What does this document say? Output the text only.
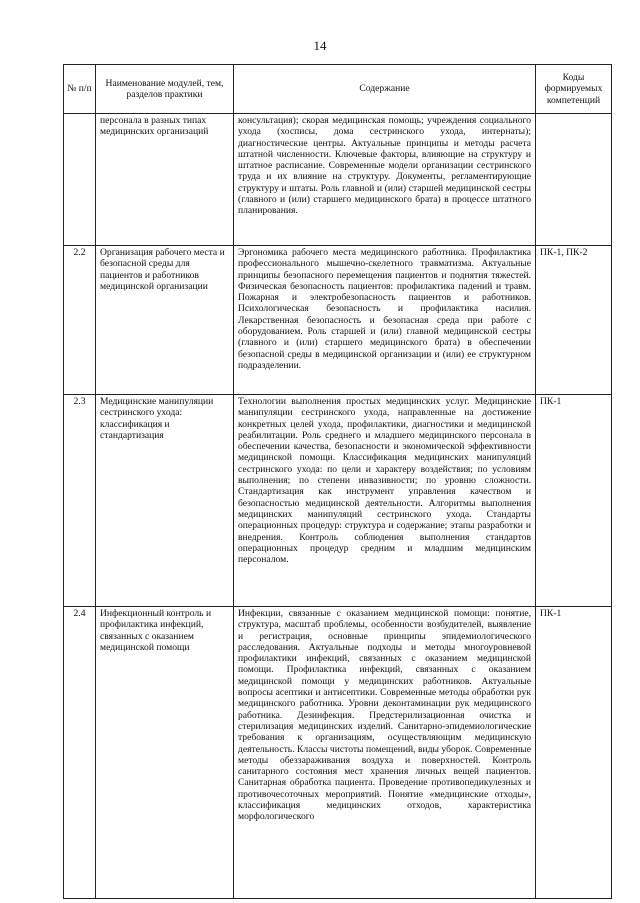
14
№ п/п	Наименование модулей, тем, разделов практики	Содержание	Коды формируемых компетенций
	персонала в разных типах медицинских организаций	консультация); скорая медицинская помощь; учреждения социального ухода (хосписы, дома сестринского ухода, интернаты); диагностические центры. Актуальные принципы и методы расчета штатной численности. Ключевые факторы, влияющие на структуру и штатное расписание. Современные модели организации сестринского труда и их влияние на структуру. Документы, регламентирующие структуру и штаты. Роль главной и (или) старшей медицинской сестры (главного и (или) старшего медицинского брата) в процессе штатного планирования.	
2.2	Организация рабочего места и безопасной среды для пациентов и работников медицинской организации	Эргономика рабочего места медицинского работника. Профилактика профессионального мышечно-скелетного травматизма. Актуальные принципы безопасного перемещения пациентов и поднятия тяжестей. Физическая безопасность пациентов: профилактика падений и травм. Пожарная и электробезопасность пациентов и работников. Психологическая безопасность и профилактика насилия. Лекарственная безопасность и безопасная среда при работе с оборудованием. Роль старшей и (или) главной медицинской сестры (главного и (или) старшего медицинского брата) в обеспечении безопасной среды в медицинской организации и (или) ее структурном подразделении.	ПК-1, ПК-2
2.3	Медицинские манипуляции сестринского ухода: классификация и стандартизация	Технологии выполнения простых медицинских услуг. Медицинские манипуляции сестринского ухода, направленные на достижение конкретных целей ухода, профилактики, диагностики и медицинской реабилитации. Роль среднего и младшего медицинского персонала в обеспечении качества, безопасности и экономической эффективности медицинской помощи. Классификация медицинских манипуляций сестринского ухода: по цели и характеру воздействия; по условиям выполнения; по степени инвазивности; по уровню сложности. Стандартизация как инструмент управления качеством и безопасностью медицинской деятельности. Алгоритмы выполнения медицинских манипуляций сестринского ухода. Стандарты операционных процедур: структура и содержание; этапы разработки и внедрения. Контроль соблюдения выполнения стандартов операционных процедур средним и младшим медицинским персоналом.	ПК-1
2.4	Инфекционный контроль и профилактика инфекций, связанных с оказанием медицинской помощи	Инфекции, связанные с оказанием медицинской помощи: понятие, структура, масштаб проблемы, особенности возбудителей, выявление и регистрация, основные принципы эпидемиологического расследования. Актуальные подходы и методы многоуровневой профилактики инфекций, связанных с оказанием медицинской помощи. Профилактика инфекций, связанных с оказанием медицинской помощи у медицинских работников. Актуальные вопросы асептики и антисептики. Современные методы обработки рук медицинского работника. Уровни деконтаминации рук медицинского работника. Дезинфекция. Предстерилизационная очистка и стерилизация медицинских изделий. Санитарно-эпидемиологические требования к организациям, осуществляющим медицинскую деятельность. Классы чистоты помещений, виды уборок. Современные методы обеззараживания воздуха и поверхностей. Контроль санитарного состояния мест хранения личных вещей пациентов. Санитарная обработка пациента. Проведение противопедикулезных и противочесоточных мероприятий. Понятие «медицинские отходы», классификация медицинских отходов, характеристика морфологического	ПК-1
